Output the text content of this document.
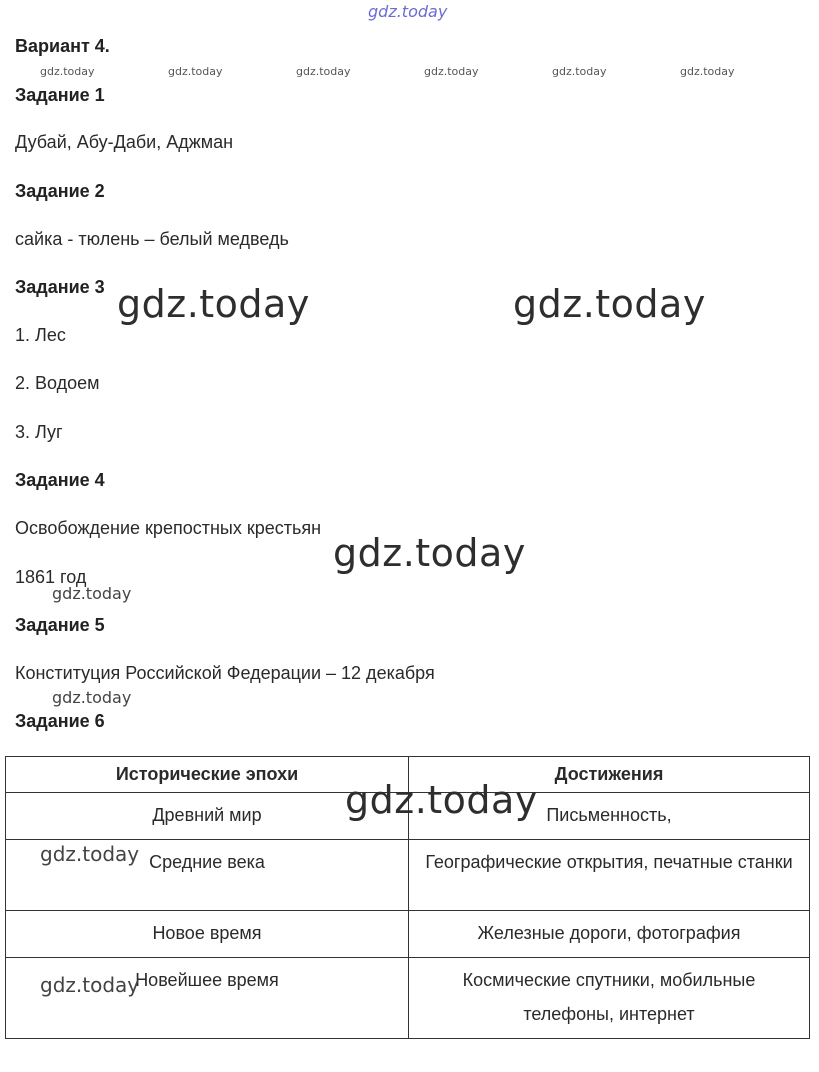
gdz.today
Вариант 4.
gdz.today	gdz.today	gdz.today	gdz.today	gdz.today	gdz.today
Задание 1
Дубай, Абу-Даби, Аджман
Задание 2
сайка - тюлень – белый медведь
Задание 3
1. Лес
2. Водоем
3. Луг
Задание 4
Освобождение крепостных крестьян
1861 год
Задание 5
Конституция Российской Федерации – 12 декабря
Задание 6
Исторические эпохи	Достижения
Древний мир	Письменность,
Средние века	Географические открытия, печатные станки
Новое время	Железные дороги, фотография
Новейшее время	Космические спутники, мобильные телефоны, интернет
gdz.today	gdz.today
gdz.today
gdz.today
gdz.today
gdz.today
gdz.today
gdz.today
